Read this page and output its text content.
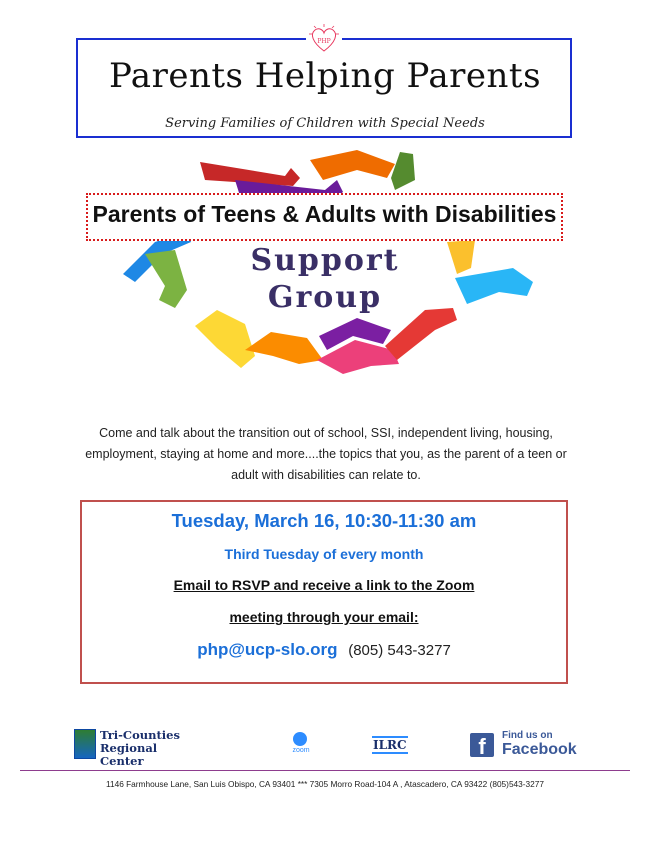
PHP
Parents Helping Parents
Serving Families of Children with Special Needs
Parents of Teens & Adults with Disabilities
Support
Group
Come and talk about the transition out of school, SSI, independent living, housing, employment, staying at home and more....the topics that you, as the parent of a teen or adult with disabilities can relate to.
Tuesday, March 16, 10:30-11:30 am
Third Tuesday of every month
Email to RSVP and receive a link to the Zoom
meeting through your email:
php@ucp-slo.org (805) 543-3277
Tri-Counties
Regional Center
zoom	ILRC	f	Find us on
Facebook
1146 Farmhouse Lane, San Luis Obispo, CA 93401 *** 7305 Morro Road-104 A , Atascadero, CA 93422 (805)543-3277
